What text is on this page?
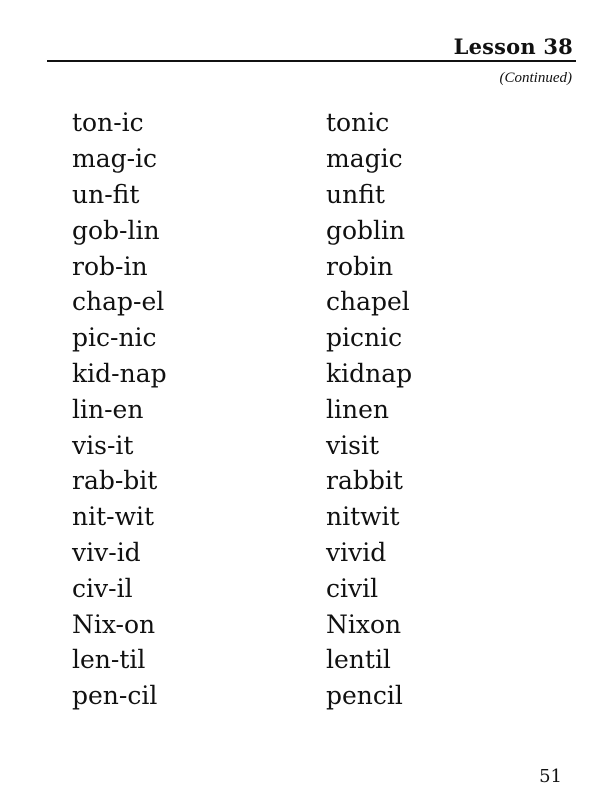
Lesson 38
(Continued)
ton-ic	tonic
mag-ic	magic
un-fit	unfit
gob-lin	goblin
rob-in	robin
chap-el	chapel
pic-nic	picnic
kid-nap	kidnap
lin-en	linen
vis-it	visit
rab-bit	rabbit
nit-wit	nitwit
viv-id	vivid
civ-il	civil
Nix-on	Nixon
len-til	lentil
pen-cil	pencil
51
